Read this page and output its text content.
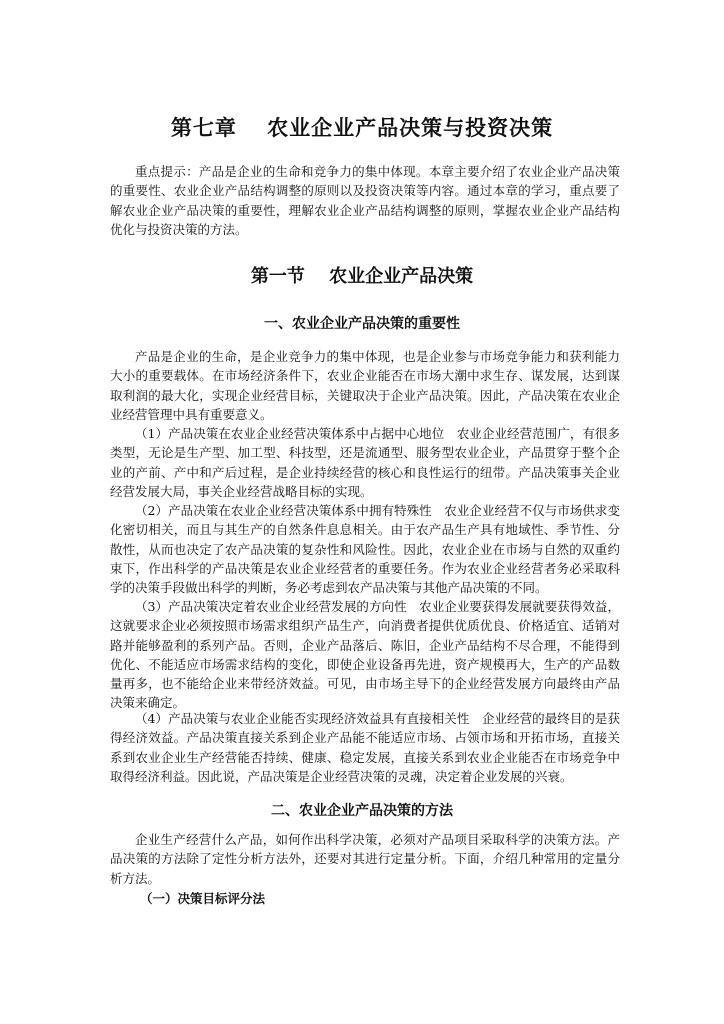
第七章　 农业企业产品决策与投资决策

重点提示：产品是企业的生命和竞争力的集中体现。本章主要介绍了农业企业产品决策的重要性、农业企业产品结构调整的原则以及投资决策等内容。通过本章的学习，重点要了解农业企业产品决策的重要性，理解农业企业产品结构调整的原则，掌握农业企业产品结构优化与投资决策的方法。

第一节　 农业企业产品决策
一、农业企业产品决策的重要性

产品是企业的生命，是企业竞争力的集中体现，也是企业参与市场竞争能力和获利能力大小的重要载体。在市场经济条件下，农业企业能否在市场大潮中求生存、谋发展，达到谋取利润的最大化，实现企业经营目标，关键取决于企业产品决策。因此，产品决策在农业企业经营管理中具有重要意义。

（1）产品决策在农业企业经营决策体系中占据中心地位　农业企业经营范围广，有很多类型，无论是生产型、加工型、科技型，还是流通型、服务型农业企业，产品贯穿于整个企业的产前、产中和产后过程，是企业持续经营的核心和良性运行的纽带。产品决策事关企业经营发展大局，事关企业经营战略目标的实现。

（2）产品决策在农业企业经营决策体系中拥有特殊性　农业企业经营不仅与市场供求变化密切相关，而且与其生产的自然条件息息相关。由于农产品生产具有地域性、季节性、分散性，从而也决定了农产品决策的复杂性和风险性。因此，农业企业在市场与自然的双重约束下，作出科学的产品决策是农业企业经营者的重要任务。作为农业企业经营者务必采取科学的决策手段做出科学的判断，务必考虑到农产品决策与其他产品决策的不同。

（3）产品决策决定着农业企业经营发展的方向性　农业企业要获得发展就要获得效益，这就要求企业必须按照市场需求组织产品生产，向消费者提供优质优良、价格适宜、适销对路并能够盈利的系列产品。否则，企业产品落后、陈旧，企业产品结构不尽合理，不能得到优化、不能适应市场需求结构的变化，即使企业设备再先进，资产规模再大，生产的产品数量再多，也不能给企业来带经济效益。可见，由市场主导下的企业经营发展方向最终由产品决策来确定。

（4）产品决策与农业企业能否实现经济效益具有直接相关性　企业经营的最终目的是获得经济效益。产品决策直接关系到企业产品能不能适应市场、占领市场和开拓市场，直接关系到农业企业生产经营能否持续、健康、稳定发展，直接关系到农业企业能否在市场竞争中取得经济利益。因此说，产品决策是企业经营决策的灵魂，决定着企业发展的兴衰。

二、农业企业产品决策的方法

企业生产经营什么产品，如何作出科学决策，必须对产品项目采取科学的决策方法。产品决策的方法除了定性分析方法外，还要对其进行定量分析。下面，介绍几种常用的定量分析方法。

（一）决策目标评分法
